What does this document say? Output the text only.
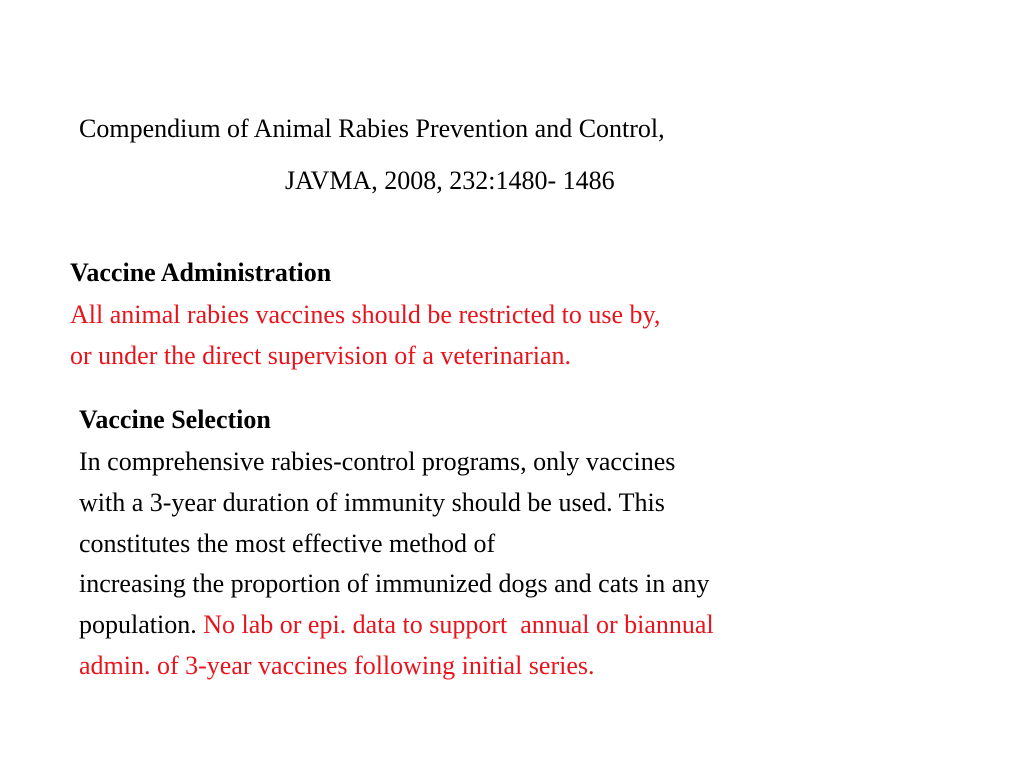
Compendium of Animal Rabies Prevention and Control,
JAVMA, 2008, 232:1480- 1486
Vaccine Administration
All animal rabies vaccines should be restricted to use by,
or under the direct supervision of a veterinarian.
Vaccine Selection
In comprehensive rabies-control programs, only vaccines
with a 3-year duration of immunity should be used. This
constitutes the most effective method of
increasing the proportion of immunized dogs and cats in any
population. No lab or epi. data to support  annual or biannual
admin. of 3-year vaccines following initial series.
